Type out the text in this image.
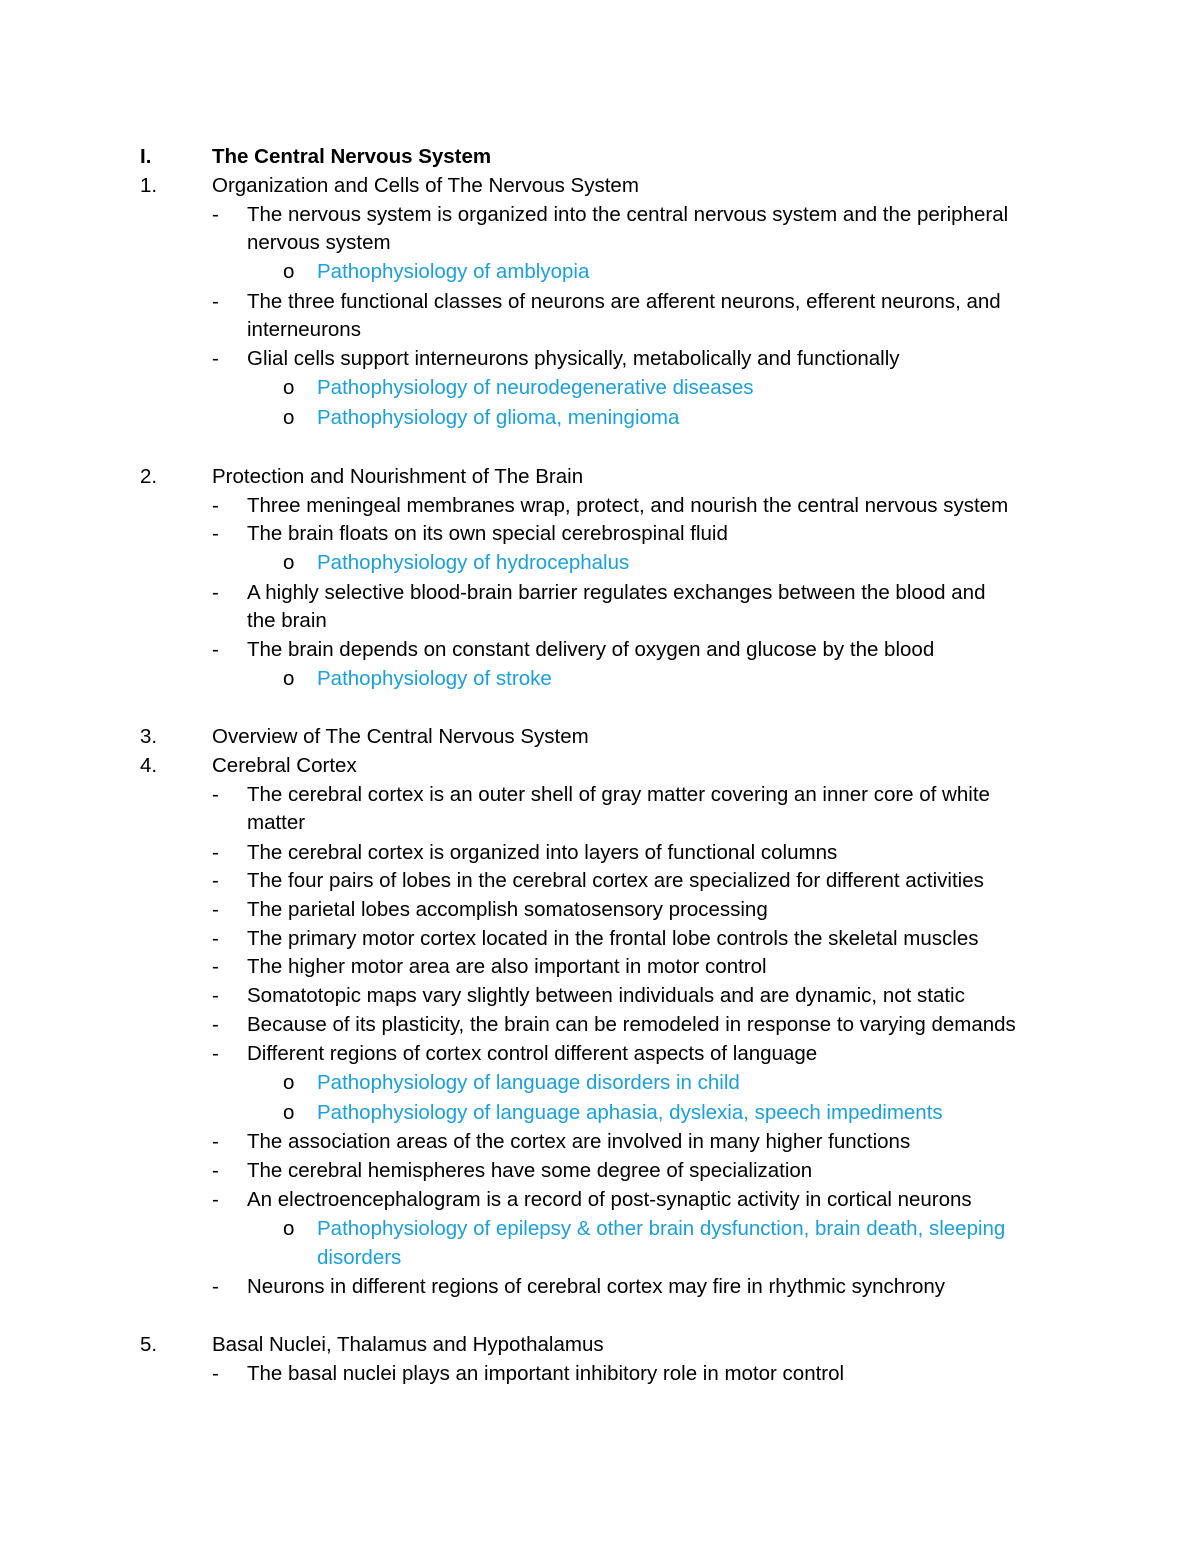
I.	The Central Nervous System
1.	Organization and Cells of The Nervous System
- The nervous system is organized into the central nervous system and the peripheral
nervous system
o Pathophysiology of amblyopia
- The three functional classes of neurons are afferent neurons, efferent neurons, and
interneurons
- Glial cells support interneurons physically, metabolically and functionally
o Pathophysiology of neurodegenerative diseases
o Pathophysiology of glioma, meningioma
2.	Protection and Nourishment of The Brain
- Three meningeal membranes wrap, protect, and nourish the central nervous system
- The brain floats on its own special cerebrospinal fluid
o Pathophysiology of hydrocephalus
- A highly selective blood-brain barrier regulates exchanges between the blood and
the brain
- The brain depends on constant delivery of oxygen and glucose by the blood
o Pathophysiology of stroke
3.	Overview of The Central Nervous System
4.	Cerebral Cortex
- The cerebral cortex is an outer shell of gray matter covering an inner core of white
matter
- The cerebral cortex is organized into layers of functional columns
- The four pairs of lobes in the cerebral cortex are specialized for different activities
- The parietal lobes accomplish somatosensory processing
- The primary motor cortex located in the frontal lobe controls the skeletal muscles
- The higher motor area are also important in motor control
- Somatotopic maps vary slightly between individuals and are dynamic, not static
- Because of its plasticity, the brain can be remodeled in response to varying demands
- Different regions of cortex control different aspects of language
o Pathophysiology of language disorders in child
o Pathophysiology of language aphasia, dyslexia, speech impediments
- The association areas of the cortex are involved in many higher functions
- The cerebral hemispheres have some degree of specialization
- An electroencephalogram is a record of post-synaptic activity in cortical neurons
o Pathophysiology of epilepsy & other brain dysfunction, brain death, sleeping
disorders
- Neurons in different regions of cerebral cortex may fire in rhythmic synchrony
5.	Basal Nuclei, Thalamus and Hypothalamus
- The basal nuclei plays an important inhibitory role in motor control
